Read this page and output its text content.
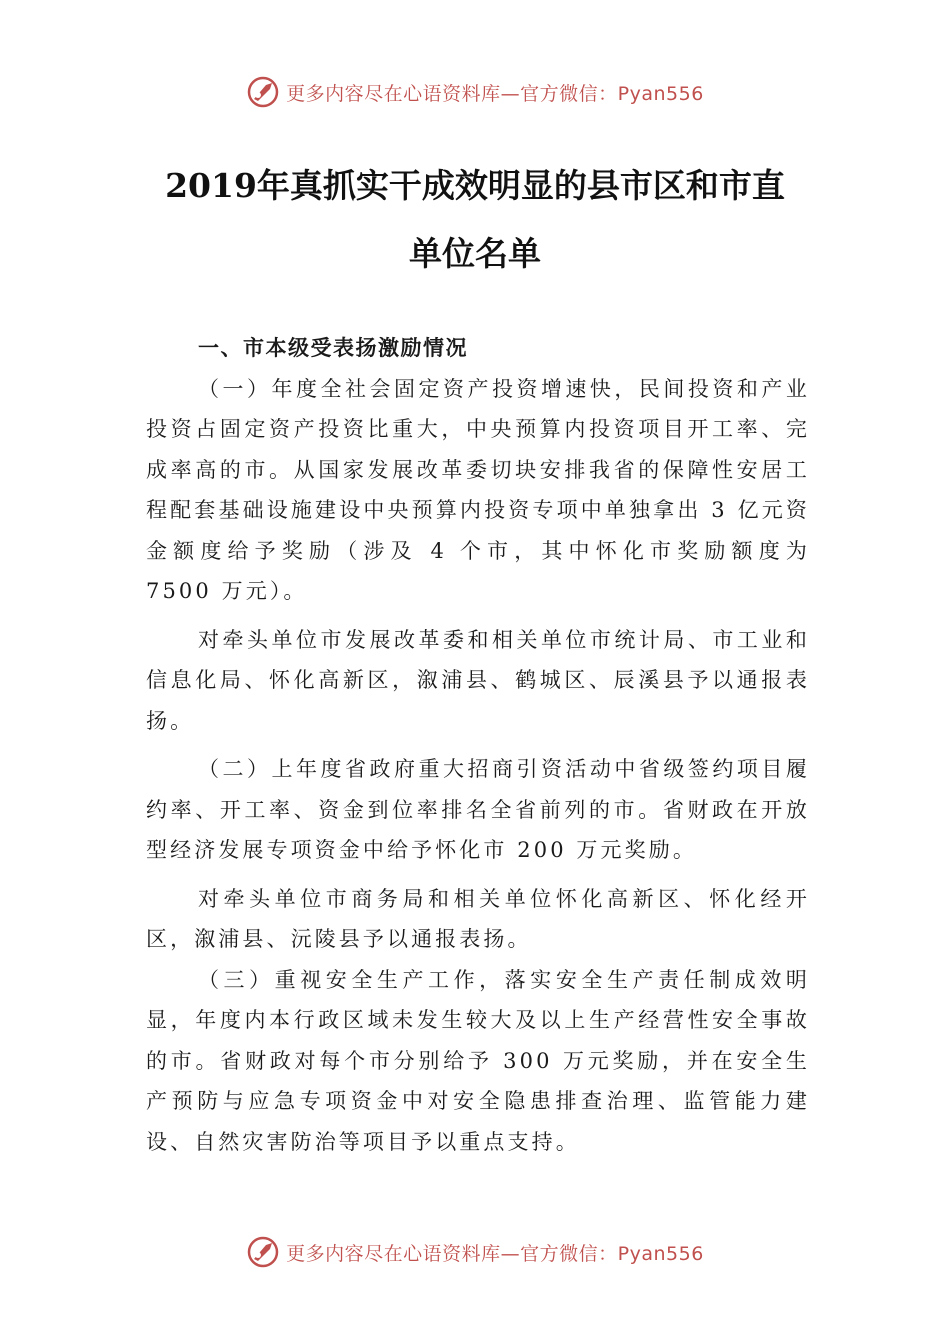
更多内容尽在心语资料库—官方微信：Pyan556
2019年真抓实干成效明显的县市区和市直
单位名单

一、市本级受表扬激励情况

（一）年度全社会固定资产投资增速快，民间投资和产业投资占固定资产投资比重大，中央预算内投资项目开工率、完成率高的市。从国家发展改革委切块安排我省的保障性安居工程配套基础设施建设中央预算内投资专项中单独拿出 3 亿元资金额度给予奖励（涉及 4 个市，其中怀化市奖励额度为 7500 万元）。

对牵头单位市发展改革委和相关单位市统计局、市工业和信息化局、怀化高新区，溆浦县、鹤城区、辰溪县予以通报表扬。

（二）上年度省政府重大招商引资活动中省级签约项目履约率、开工率、资金到位率排名全省前列的市。省财政在开放型经济发展专项资金中给予怀化市 200 万元奖励。

对牵头单位市商务局和相关单位怀化高新区、怀化经开区，溆浦县、沅陵县予以通报表扬。

（三）重视安全生产工作，落实安全生产责任制成效明显，年度内本行政区域未发生较大及以上生产经营性安全事故的市。省财政对每个市分别给予 300 万元奖励，并在安全生产预防与应急专项资金中对安全隐患排查治理、监管能力建设、自然灾害防治等项目予以重点支持。

更多内容尽在心语资料库—官方微信：Pyan556
